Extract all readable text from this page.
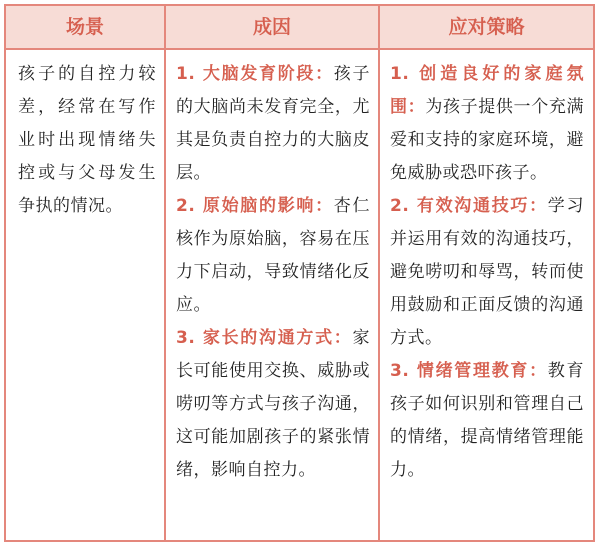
场景	成因	应对策略

孩子的自控力较差，经常在写作业时出现情绪失控或与父母发生争执的情况。

1. 大脑发育阶段：孩子的大脑尚未发育完全，尤其是负责自控力的大脑皮层。

2. 原始脑的影响：杏仁核作为原始脑，容易在压力下启动，导致情绪化反应。

3. 家长的沟通方式：家长可能使用交换、威胁或唠叨等方式与孩子沟通，这可能加剧孩子的紧张情绪，影响自控力。

1. 创造良好的家庭氛围：为孩子提供一个充满爱和支持的家庭环境，避免威胁或恐吓孩子。

2. 有效沟通技巧：学习并运用有效的沟通技巧，避免唠叨和辱骂，转而使用鼓励和正面反馈的沟通方式。

3. 情绪管理教育：教育孩子如何识别和管理自己的情绪，提高情绪管理能力。
